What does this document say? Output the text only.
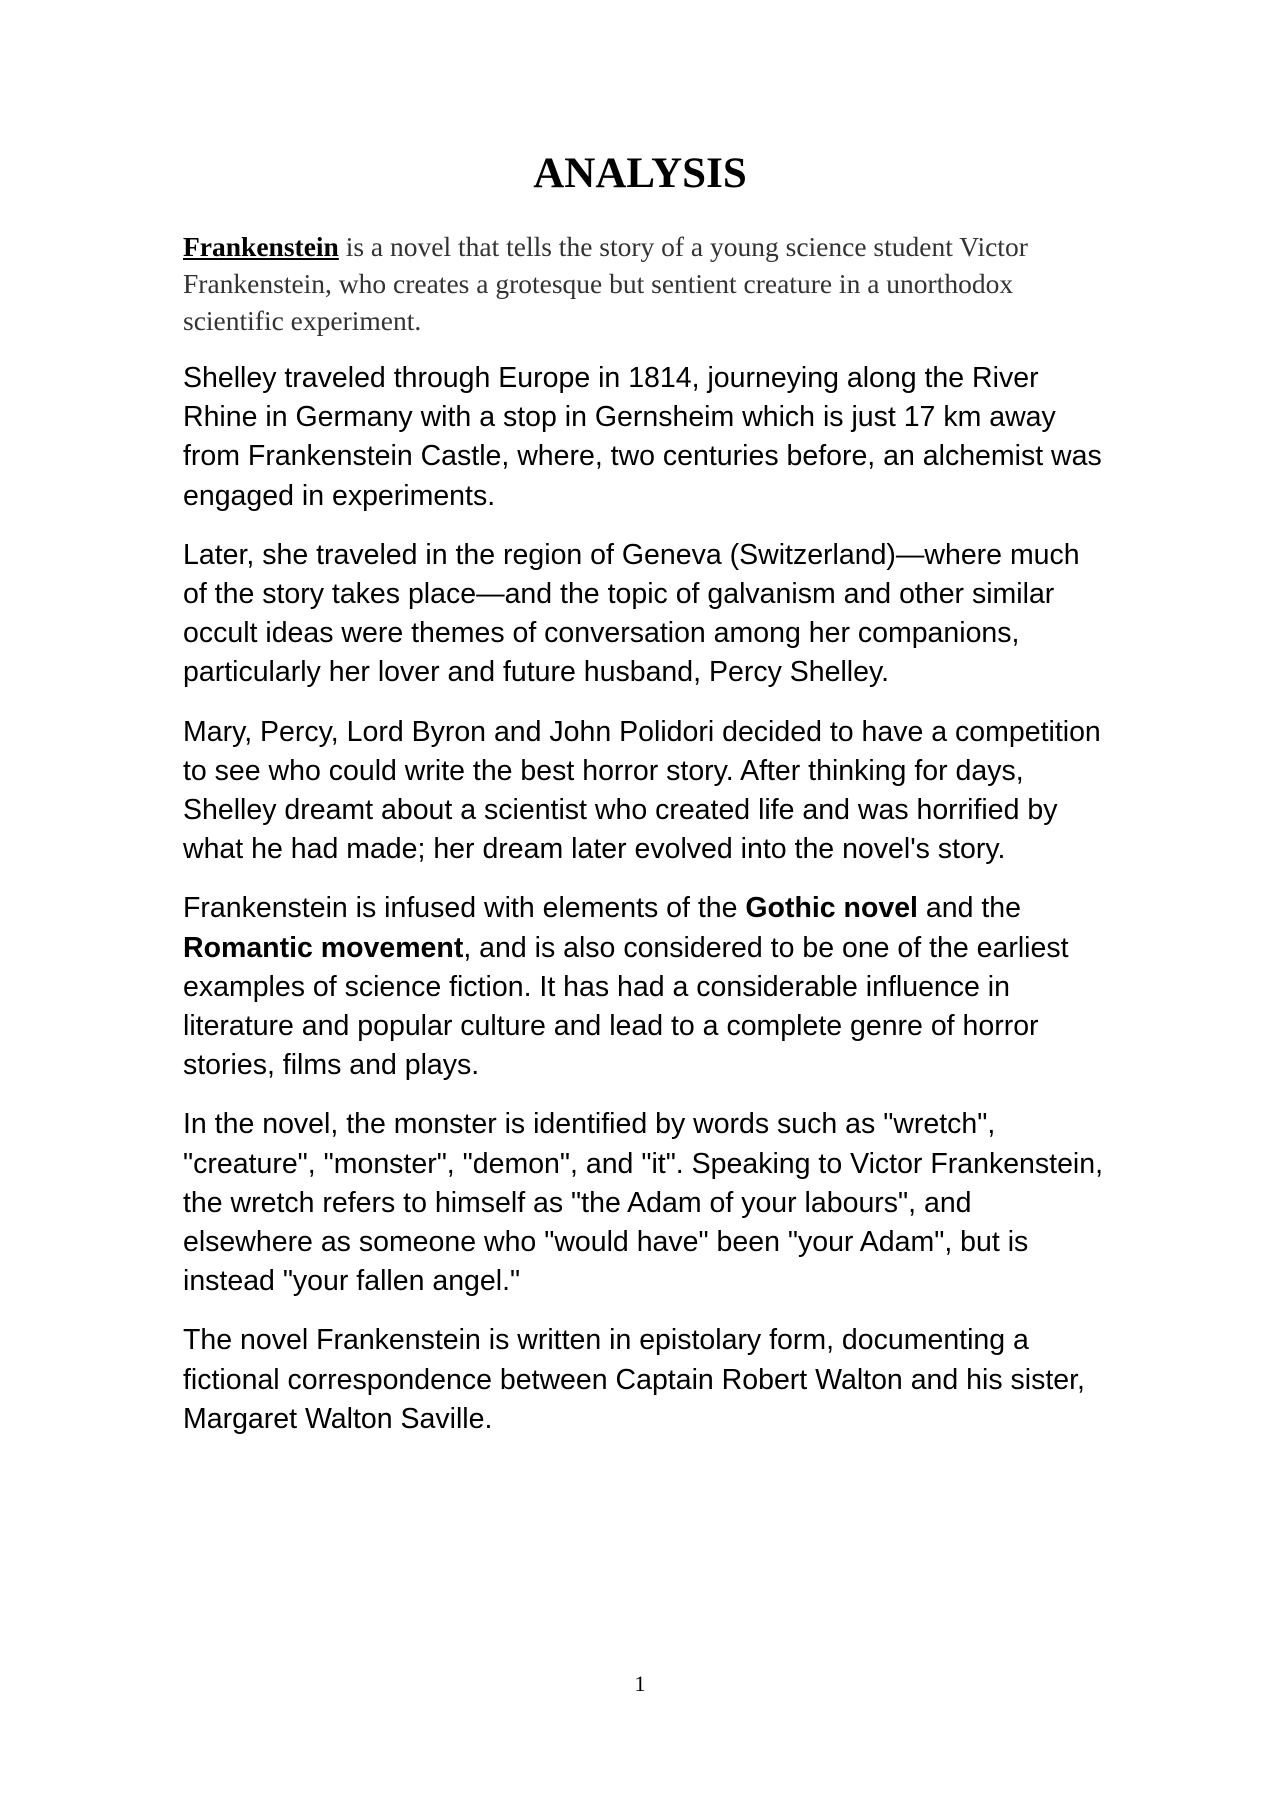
ANALYSIS

Frankenstein is a novel that tells the story of a young science student Victor Frankenstein, who creates a grotesque but sentient creature in a unorthodox scientific experiment.

Shelley traveled through Europe in 1814, journeying along the River Rhine in Germany with a stop in Gernsheim which is just 17 km away from Frankenstein Castle, where, two centuries before, an alchemist was engaged in experiments.

Later, she traveled in the region of Geneva (Switzerland)—where much of the story takes place—and the topic of galvanism and other similar occult ideas were themes of conversation among her companions, particularly her lover and future husband, Percy Shelley.

Mary, Percy, Lord Byron and John Polidori decided to have a competition to see who could write the best horror story. After thinking for days, Shelley dreamt about a scientist who created life and was horrified by what he had made; her dream later evolved into the novel's story.

Frankenstein is infused with elements of the Gothic novel and the Romantic movement, and is also considered to be one of the earliest examples of science fiction. It has had a considerable influence in literature and popular culture and lead to a complete genre of horror stories, films and plays.

In the novel, the monster is identified by words such as "wretch", "creature", "monster", "demon", and "it". Speaking to Victor Frankenstein, the wretch refers to himself as "the Adam of your labours", and elsewhere as someone who "would have" been "your Adam", but is instead "your fallen angel."

The novel Frankenstein is written in epistolary form, documenting a fictional correspondence between Captain Robert Walton and his sister, Margaret Walton Saville.

1
